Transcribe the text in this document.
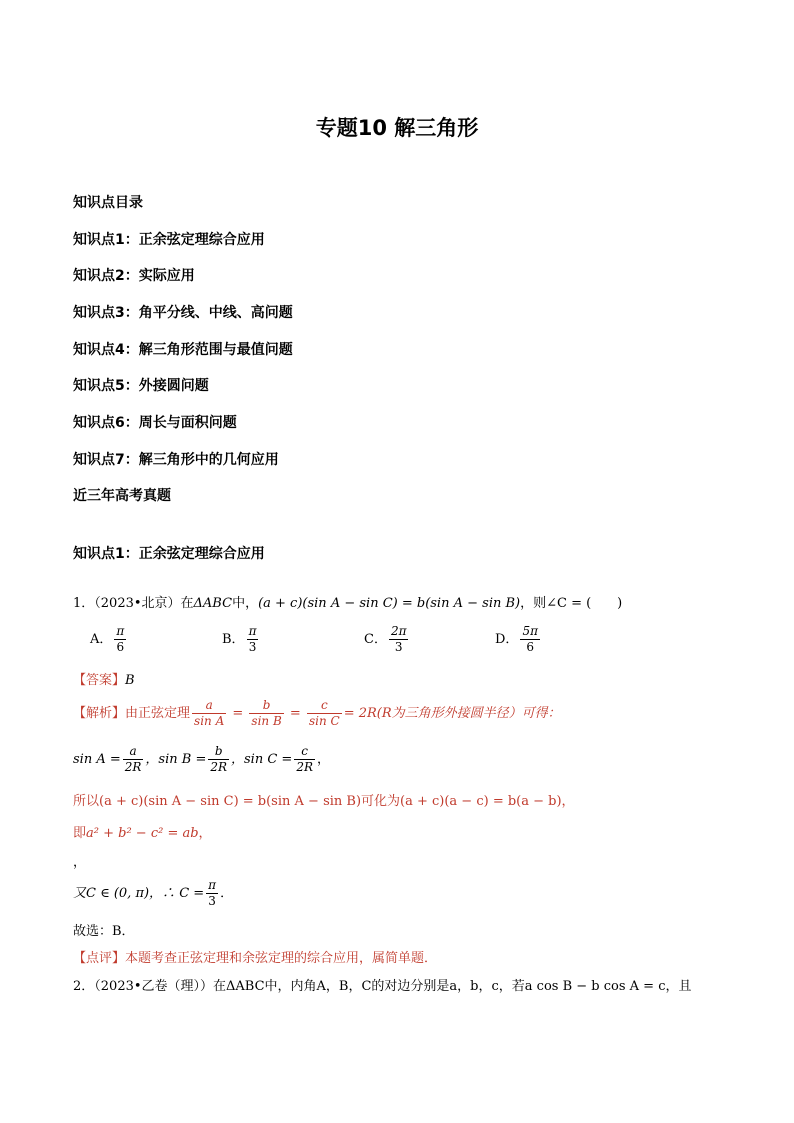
专题10 解三角形
知识点目录
知识点1：正余弦定理综合应用
知识点2：实际应用
知识点3：角平分线、中线、高问题
知识点4：解三角形范围与最值问题
知识点5：外接圆问题
知识点6：周长与面积问题
知识点7：解三角形中的几何应用
近三年高考真题
知识点1：正余弦定理综合应用
1．（2023•北京）在ΔABC中，(a + c)(sin A − sin C) = b(sin A − sin B)，则∠C = (　　)
A． $\frac{\pi}{6}$	B． $\frac{\pi}{3}$	C． $\frac{2\pi}{3}$	D． $\frac{5\pi}{6}$
【答案】B
【解析】由正弦定理 $\frac{a}{\text{sin A}} = \frac{b}{\text{sin B}} = \frac{c}{\text{sin C}} = 2R(R$为三角形外接圆半径）可得：
$\sin A = \frac{a}{2R}$ ，$\sin B = \frac{b}{2R}$ ，$\sin C = \frac{c}{2R}$ ，
所以(a + c)(sin A − sin C) = b(sin A − sin B)可化为(a + c)(a − c) = b(a − b)，
即a² + b² − c² = ab，
，
又C ∈ (0, π)，∴ $C = \frac{\pi}{3}$ ．
故选：B．
【点评】本题考查正弦定理和余弦定理的综合应用，属简单题．
2．（2023•乙卷（理））在ΔABC中，内角A，B，C的对边分别是a，b，c，若a cos B − b cos A = c，且
